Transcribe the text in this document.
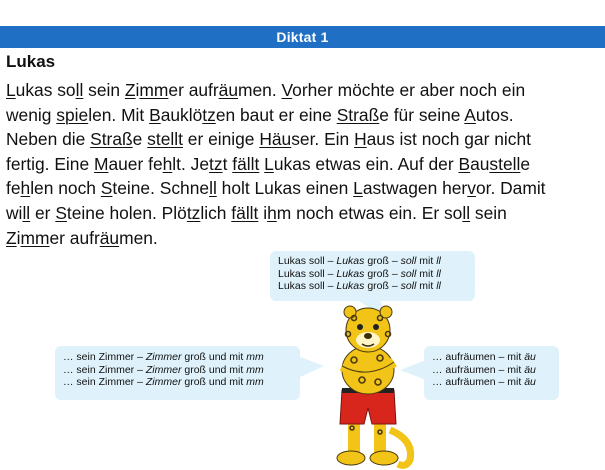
Diktat 1
Lukas
Lukas soll sein Zimmer aufräumen. Vorher möchte er aber noch ein
wenig spielen. Mit Bauklötzen baut er eine Straße für seine Autos.
Neben die Straße stellt er einige Häuser. Ein Haus ist noch gar nicht
fertig. Eine Mauer fehlt. Jetzt fällt Lukas etwas ein. Auf der Baustelle
fehlen noch Steine. Schnell holt Lukas einen Lastwagen hervor. Damit
will er Steine holen. Plötzlich fällt ihm noch etwas ein. Er soll sein
Zimmer aufräumen.
Lukas soll – Lukas groß – soll mit ll
Lukas soll – Lukas groß – soll mit ll
Lukas soll – Lukas groß – soll mit ll
… sein Zimmer – Zimmer groß und mit mm
… sein Zimmer – Zimmer groß und mit mm
… sein Zimmer – Zimmer groß und mit mm
… aufräumen – mit äu
… aufräumen – mit äu
… aufräumen – mit äu
